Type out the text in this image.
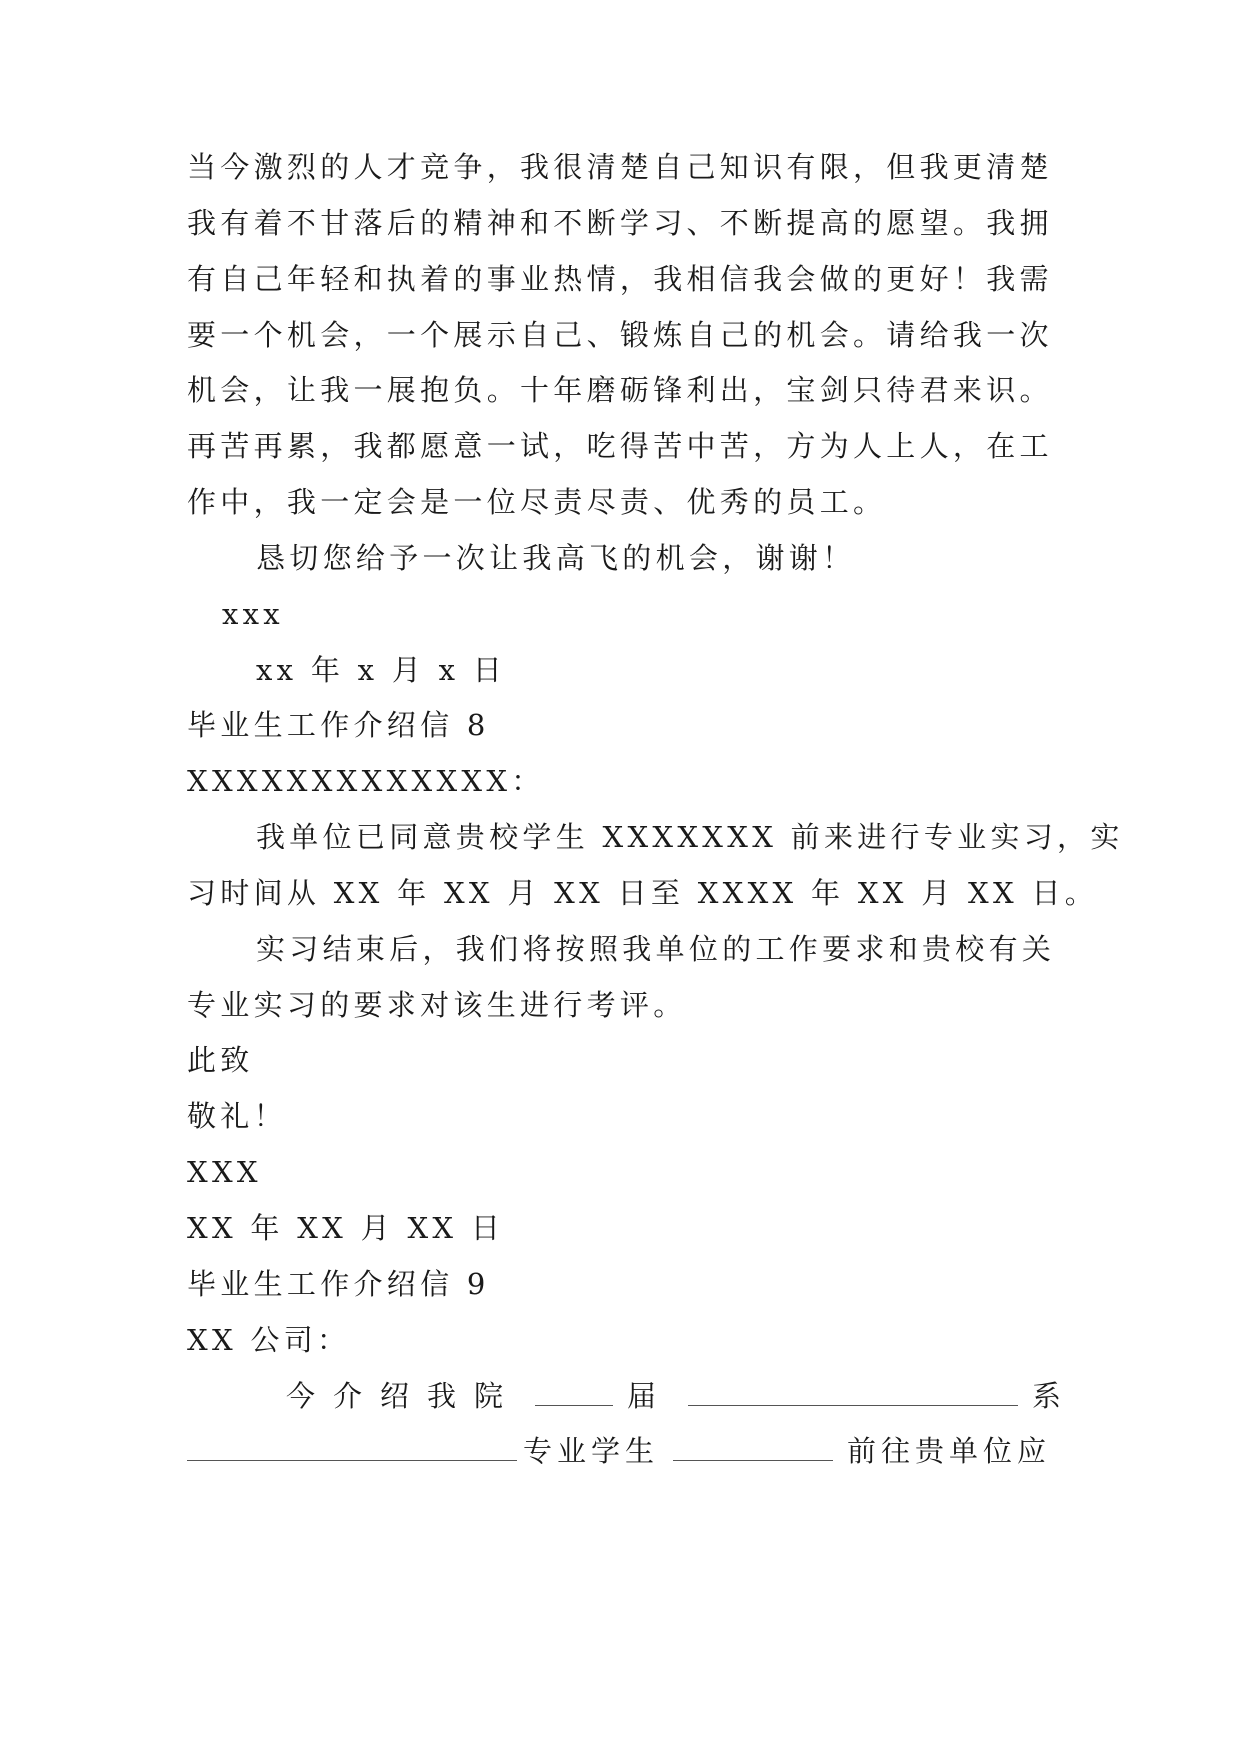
当今激烈的人才竞争，我很清楚自己知识有限，但我更清楚
我有着不甘落后的精神和不断学习、不断提高的愿望。我拥
有自己年轻和执着的事业热情，我相信我会做的更好！我需
要一个机会，一个展示自己、锻炼自己的机会。请给我一次
机会，让我一展抱负。十年磨砺锋利出，宝剑只待君来识。
再苦再累，我都愿意一试，吃得苦中苦，方为人上人，在工
作中，我一定会是一位尽责尽责、优秀的员工。
恳切您给予一次让我高飞的机会，谢谢！
xxx
xx 年 x 月 x 日
毕业生工作介绍信 8
XXXXXXXXXXXXX：
我单位已同意贵校学生 XXXXXXX 前来进行专业实习，实
习时间从 XX 年 XX 月 XX 日至 XXXX 年 XX 月 XX 日。
实习结束后，我们将按照我单位的工作要求和贵校有关
专业实习的要求对该生进行考评。
此致
敬礼！
XXX
XX 年 XX 月 XX 日
毕业生工作介绍信 9
XX 公司：
今介绍我院	届	系
专业学生	前往贵单位应
